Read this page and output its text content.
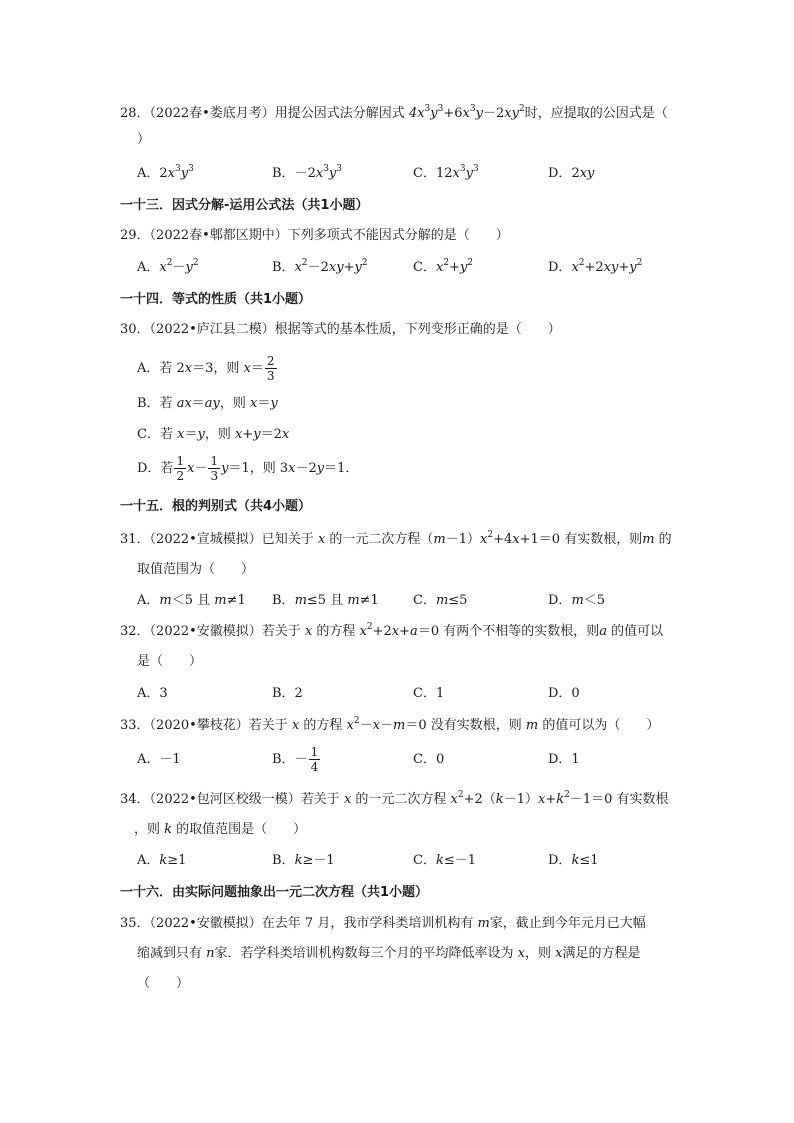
28．（2022春•娄底月考）用提公因式法分解因式 $4x^3y^3+6x^3y-2xy^2$时，应提取的公因式是（
）
A．$2x^3y^3$	B．$-2x^3y^3$	C．$12x^3y^3$	D．2xy
一十三．因式分解-运用公式法（共1小题）
29．（2022春•郫都区期中）下列多项式不能因式分解的是（　　）
A．$x^2-y^2$	B．$x^2-2xy+y^2$	C．$x^2+y^2$	D．$x^2+2xy+y^2$
一十四．等式的性质（共1小题）
30．（2022•庐江县二模）根据等式的基本性质，下列变形正确的是（　　）
A．若 2x＝3，则 $x= \frac{2}{3}$
B．若 ax＝ay，则 x＝y
C．若 x＝y，则 x+y＝2x
D．若 $\frac{1}{2} x- \frac{1}{3} y=1$，则 3x－2y＝1．
一十五．根的判别式（共4小题）
31．（2022•宣城模拟）已知关于 x 的一元二次方程$(m-1)x^2+4x+1=0$ 有实数根，则m 的
取值范围为（　　）
A．m＜5 且 m≠1 B．m≤5 且 m≠1	C．m≤5	D．m＜5
32．（2022•安徽模拟）若关于 x 的方程 $x^2+2x+a=0$ 有两个不相等的实数根，则a 的值可以
是（　　）
A．3	B．2	C．1	D．0
33．（2020•攀枝花）若关于 x 的方程 $x^2-x-m=0$ 没有实数根，则 m 的值可以为（　　）
A．－1	B．－ $\frac{1}{4}$	C．0	D．1
34．（2022•包河区校级一模）若关于 x 的一元二次方程 $x^2+2(k-1)x+k^2-1=0$ 有实数根
，则 k 的取值范围是（　　）
A．k≥1	B．k≥－1	C．k≤－1	D．k≤1
一十六．由实际问题抽象出一元二次方程（共1小题）
35．（2022•安徽模拟）在去年 7 月，我市学科类培训机构有 m家，截止到今年元月已大幅
缩减到只有 n家．若学科类培训机构数每三个月的平均降低率设为 x，则 x满足的方程是
（　　）
